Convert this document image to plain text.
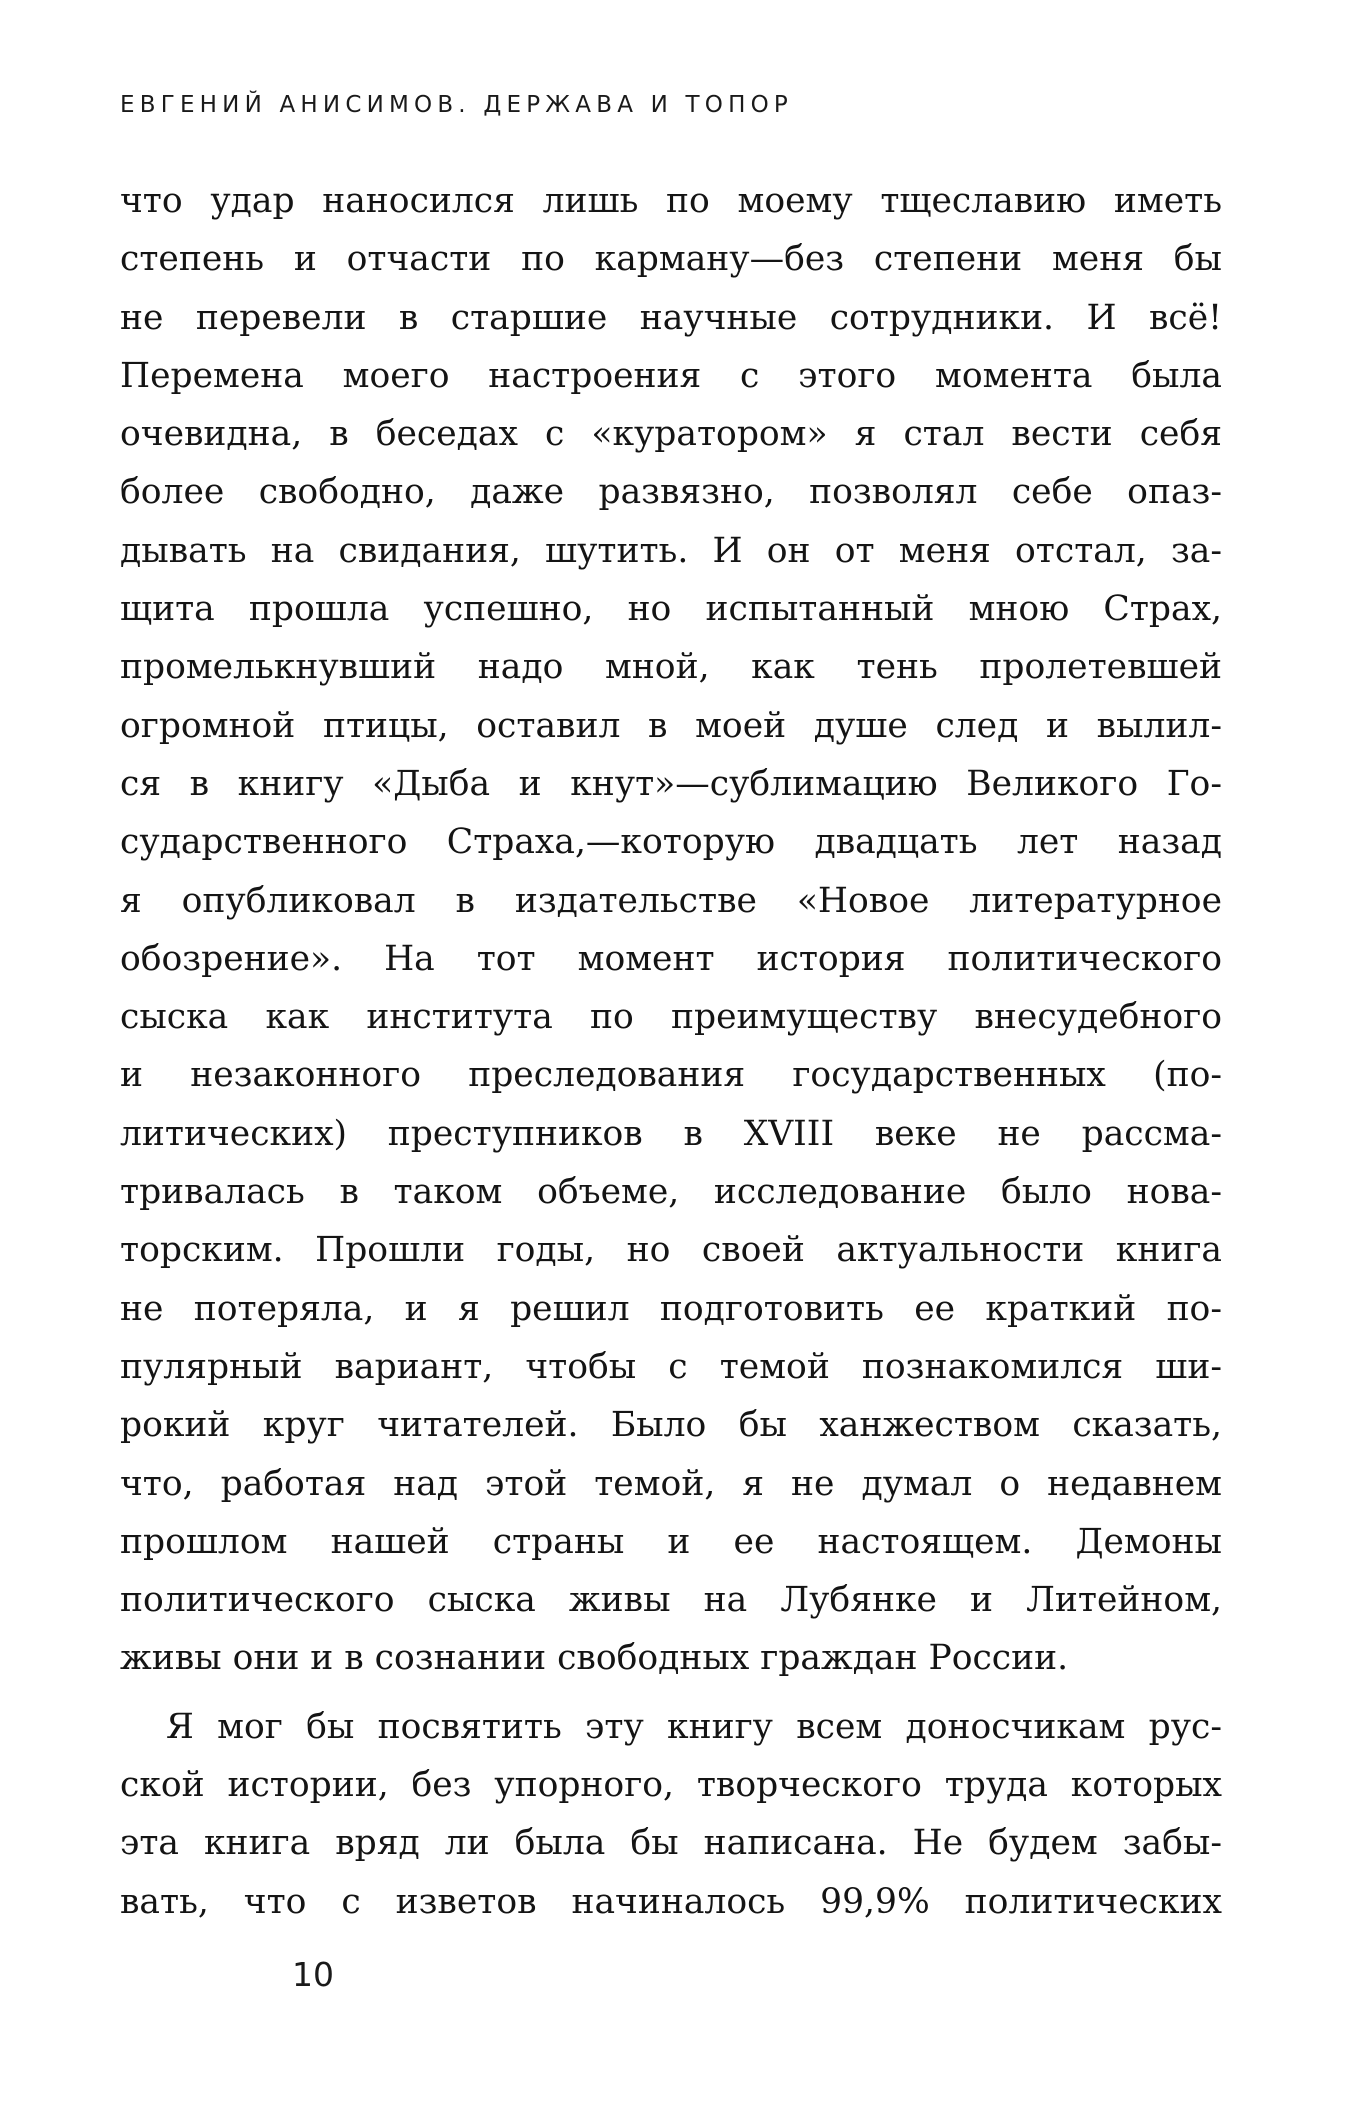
ЕВГЕНИЙ АНИСИМОВ. ДЕРЖАВА И ТОПОР
что удар наносился лишь по моему тщеславию иметь
степень и отчасти по карману—без степени меня бы
не перевели в старшие научные сотрудники. И всё!
Перемена моего настроения с этого момента была
очевидна, в беседах с «куратором» я стал вести себя
более свободно, даже развязно, позволял себе опаз-
дывать на свидания, шутить. И он от меня отстал, за-
щита прошла успешно, но испытанный мною Страх,
промелькнувший надо мной, как тень пролетевшей
огромной птицы, оставил в моей душе след и вылил-
ся в книгу «Дыба и кнут»—сублимацию Великого Го-
сударственного Страха,—которую двадцать лет назад
я опубликовал в издательстве «Новое литературное
обозрение». На тот момент история политического
сыска как института по преимуществу внесудебного
и незаконного преследования государственных (по-
литических) преступников в XVIII веке не рассма-
тривалась в таком объеме, исследование было нова-
торским. Прошли годы, но своей актуальности книга
не потеряла, и я решил подготовить ее краткий по-
пулярный вариант, чтобы с темой познакомился ши-
рокий круг читателей. Было бы ханжеством сказать,
что, работая над этой темой, я не думал о недавнем
прошлом нашей страны и ее настоящем. Демоны
политического сыска живы на Лубянке и Литейном,
живы они и в сознании свободных граждан России.
Я мог бы посвятить эту книгу всем доносчикам рус-
ской истории, без упорного, творческого труда которых
эта книга вряд ли была бы написана. Не будем забы-
вать, что с изветов начиналось 99,9% политических
10
